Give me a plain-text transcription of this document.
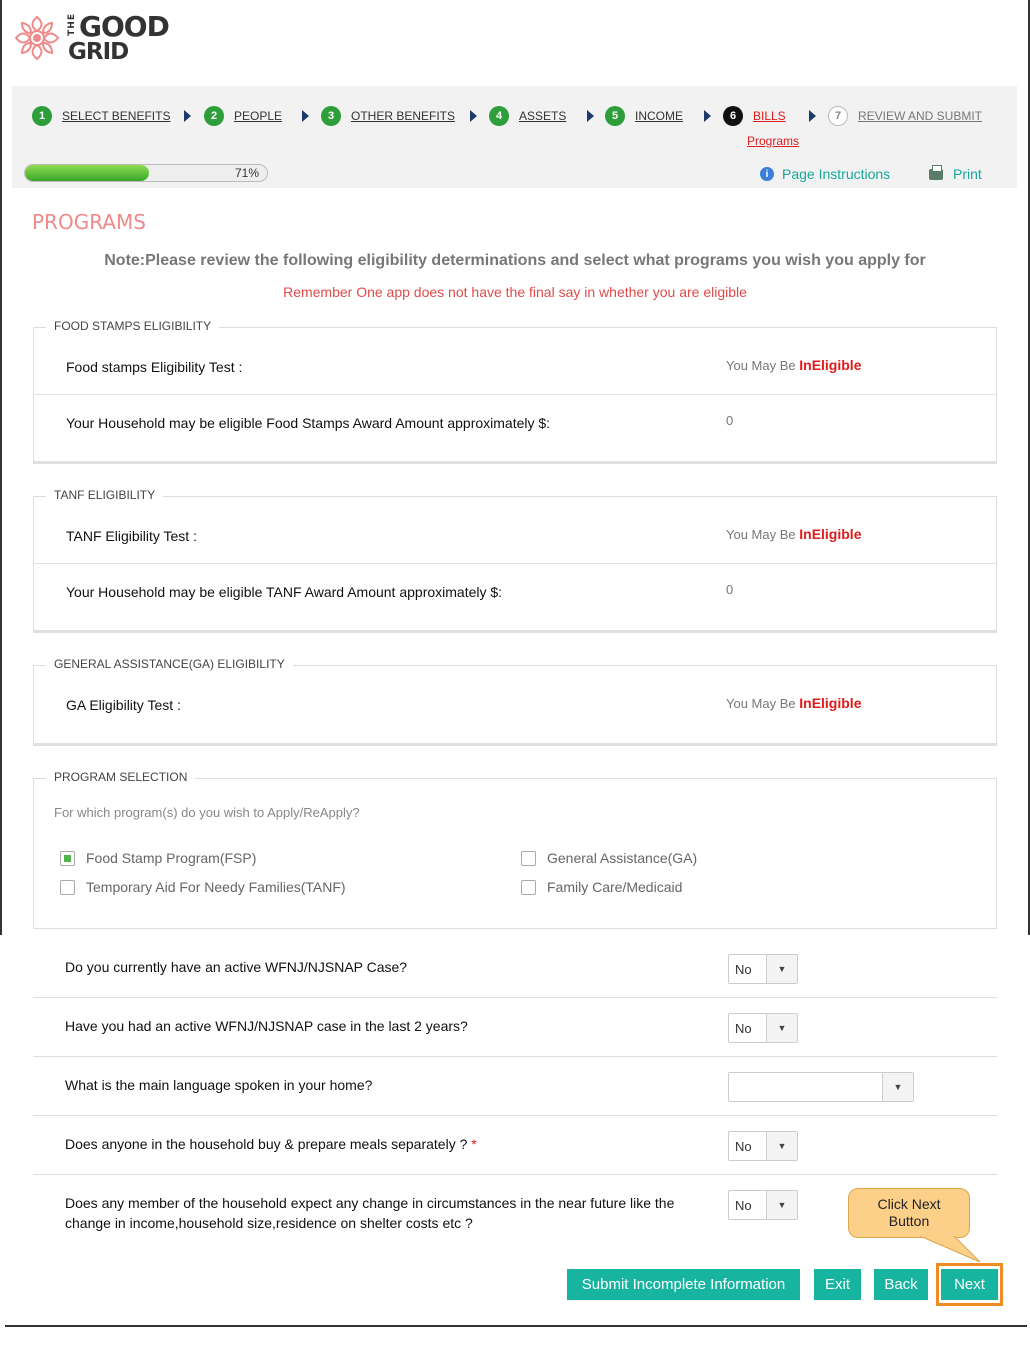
THEGOOD
GRID
1	SELECT BENEFITS	2	PEOPLE	3	OTHER BENEFITS	4	ASSETS	5	INCOME	6	BILLS	7	REVIEW AND SUBMIT
Programs
71%	i Page Instructions	Print
PROGRAMS
Note:Please review the following eligibility determinations and select what programs you wish you apply for
Remember One app does not have the final say in whether you are eligible
FOOD STAMPS ELIGIBILITY
Food stamps Eligibility Test :	You May Be InEligible
Your Household may be eligible Food Stamps Award Amount approximately $:	0
TANF ELIGIBILITY
TANF Eligibility Test :	You May Be InEligible
Your Household may be eligible TANF Award Amount approximately $:	0
GENERAL ASSISTANCE(GA) ELIGIBILITY
GA Eligibility Test :	You May Be InEligible
PROGRAM SELECTION
For which program(s) do you wish to Apply/ReApply?
Food Stamp Program(FSP)
Temporary Aid For Needy Families(TANF)
General Assistance(GA)
Family Care/Medicaid
Do you currently have an active WFNJ/NJSNAP Case?	No	▼
Have you had an active WFNJ/NJSNAP case in the last 2 years?	No	▼
What is the main language spoken in your home?	▼
Does anyone in the household buy & prepare meals separately ? *	No	▼
Does any member of the household expect any change in circumstances in the near future like the
change in income,household size,residence on shelter costs etc ?
No	▼	Click Next
Button
Submit Incomplete Information	Exit	Back	Next
